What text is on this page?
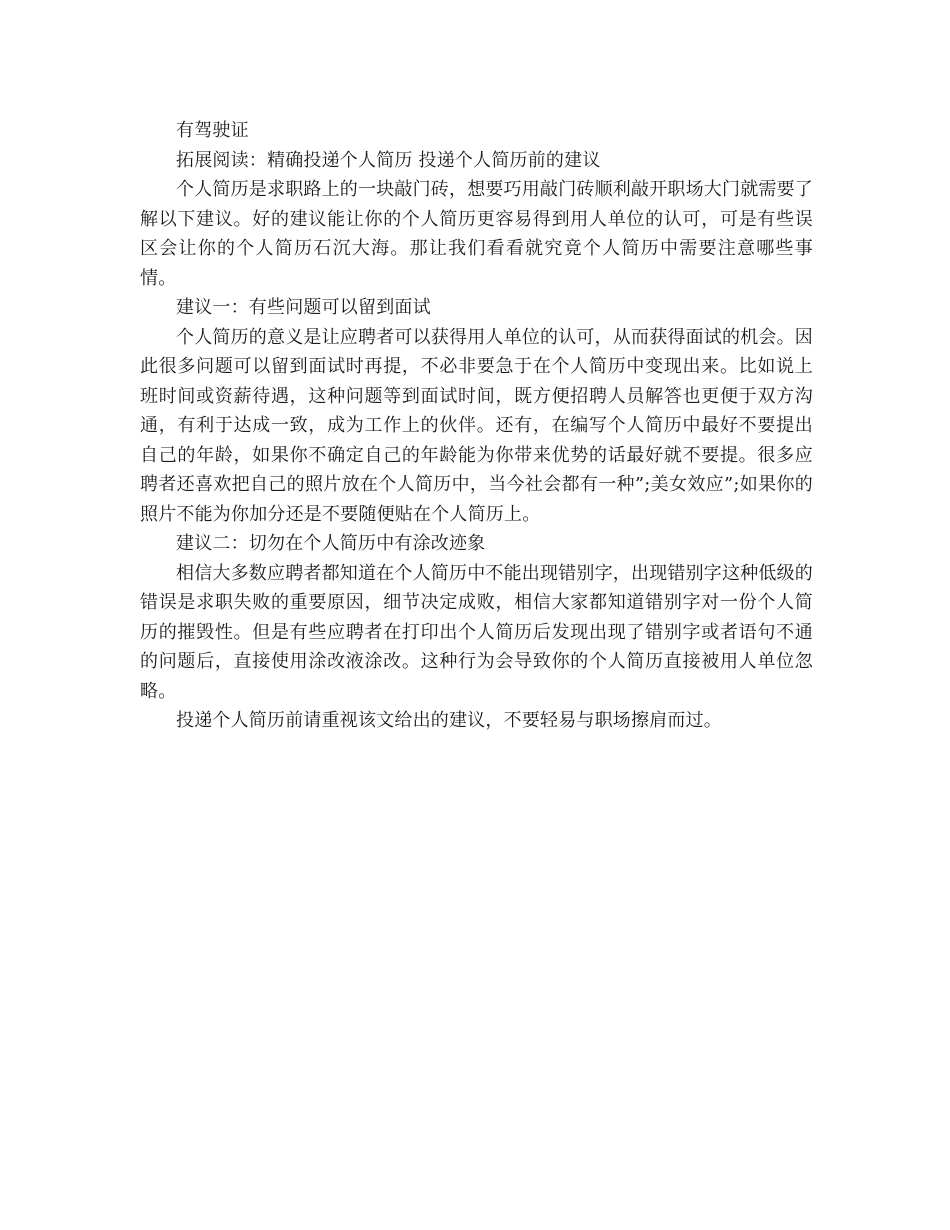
有驾驶证

拓展阅读：精确投递个人简历 投递个人简历前的建议

个人简历是求职路上的一块敲门砖，想要巧用敲门砖顺利敲开职场大门就需要了解以下建议。好的建议能让你的个人简历更容易得到用人单位的认可，可是有些误区会让你的个人简历石沉大海。那让我们看看就究竟个人简历中需要注意哪些事情。

建议一：有些问题可以留到面试

个人简历的意义是让应聘者可以获得用人单位的认可，从而获得面试的机会。因此很多问题可以留到面试时再提，不必非要急于在个人简历中变现出来。比如说上班时间或资薪待遇，这种问题等到面试时间，既方便招聘人员解答也更便于双方沟通，有利于达成一致，成为工作上的伙伴。还有，在编写个人简历中最好不要提出自己的年龄，如果你不确定自己的年龄能为你带来优势的话最好就不要提。很多应聘者还喜欢把自己的照片放在个人简历中，当今社会都有一种”;美女效应”;如果你的照片不能为你加分还是不要随便贴在个人简历上。

建议二：切勿在个人简历中有涂改迹象

相信大多数应聘者都知道在个人简历中不能出现错别字，出现错别字这种低级的错误是求职失败的重要原因，细节决定成败，相信大家都知道错别字对一份个人简历的摧毁性。但是有些应聘者在打印出个人简历后发现出现了错别字或者语句不通的问题后，直接使用涂改液涂改。这种行为会导致你的个人简历直接被用人单位忽略。

投递个人简历前请重视该文给出的建议，不要轻易与职场擦肩而过。
